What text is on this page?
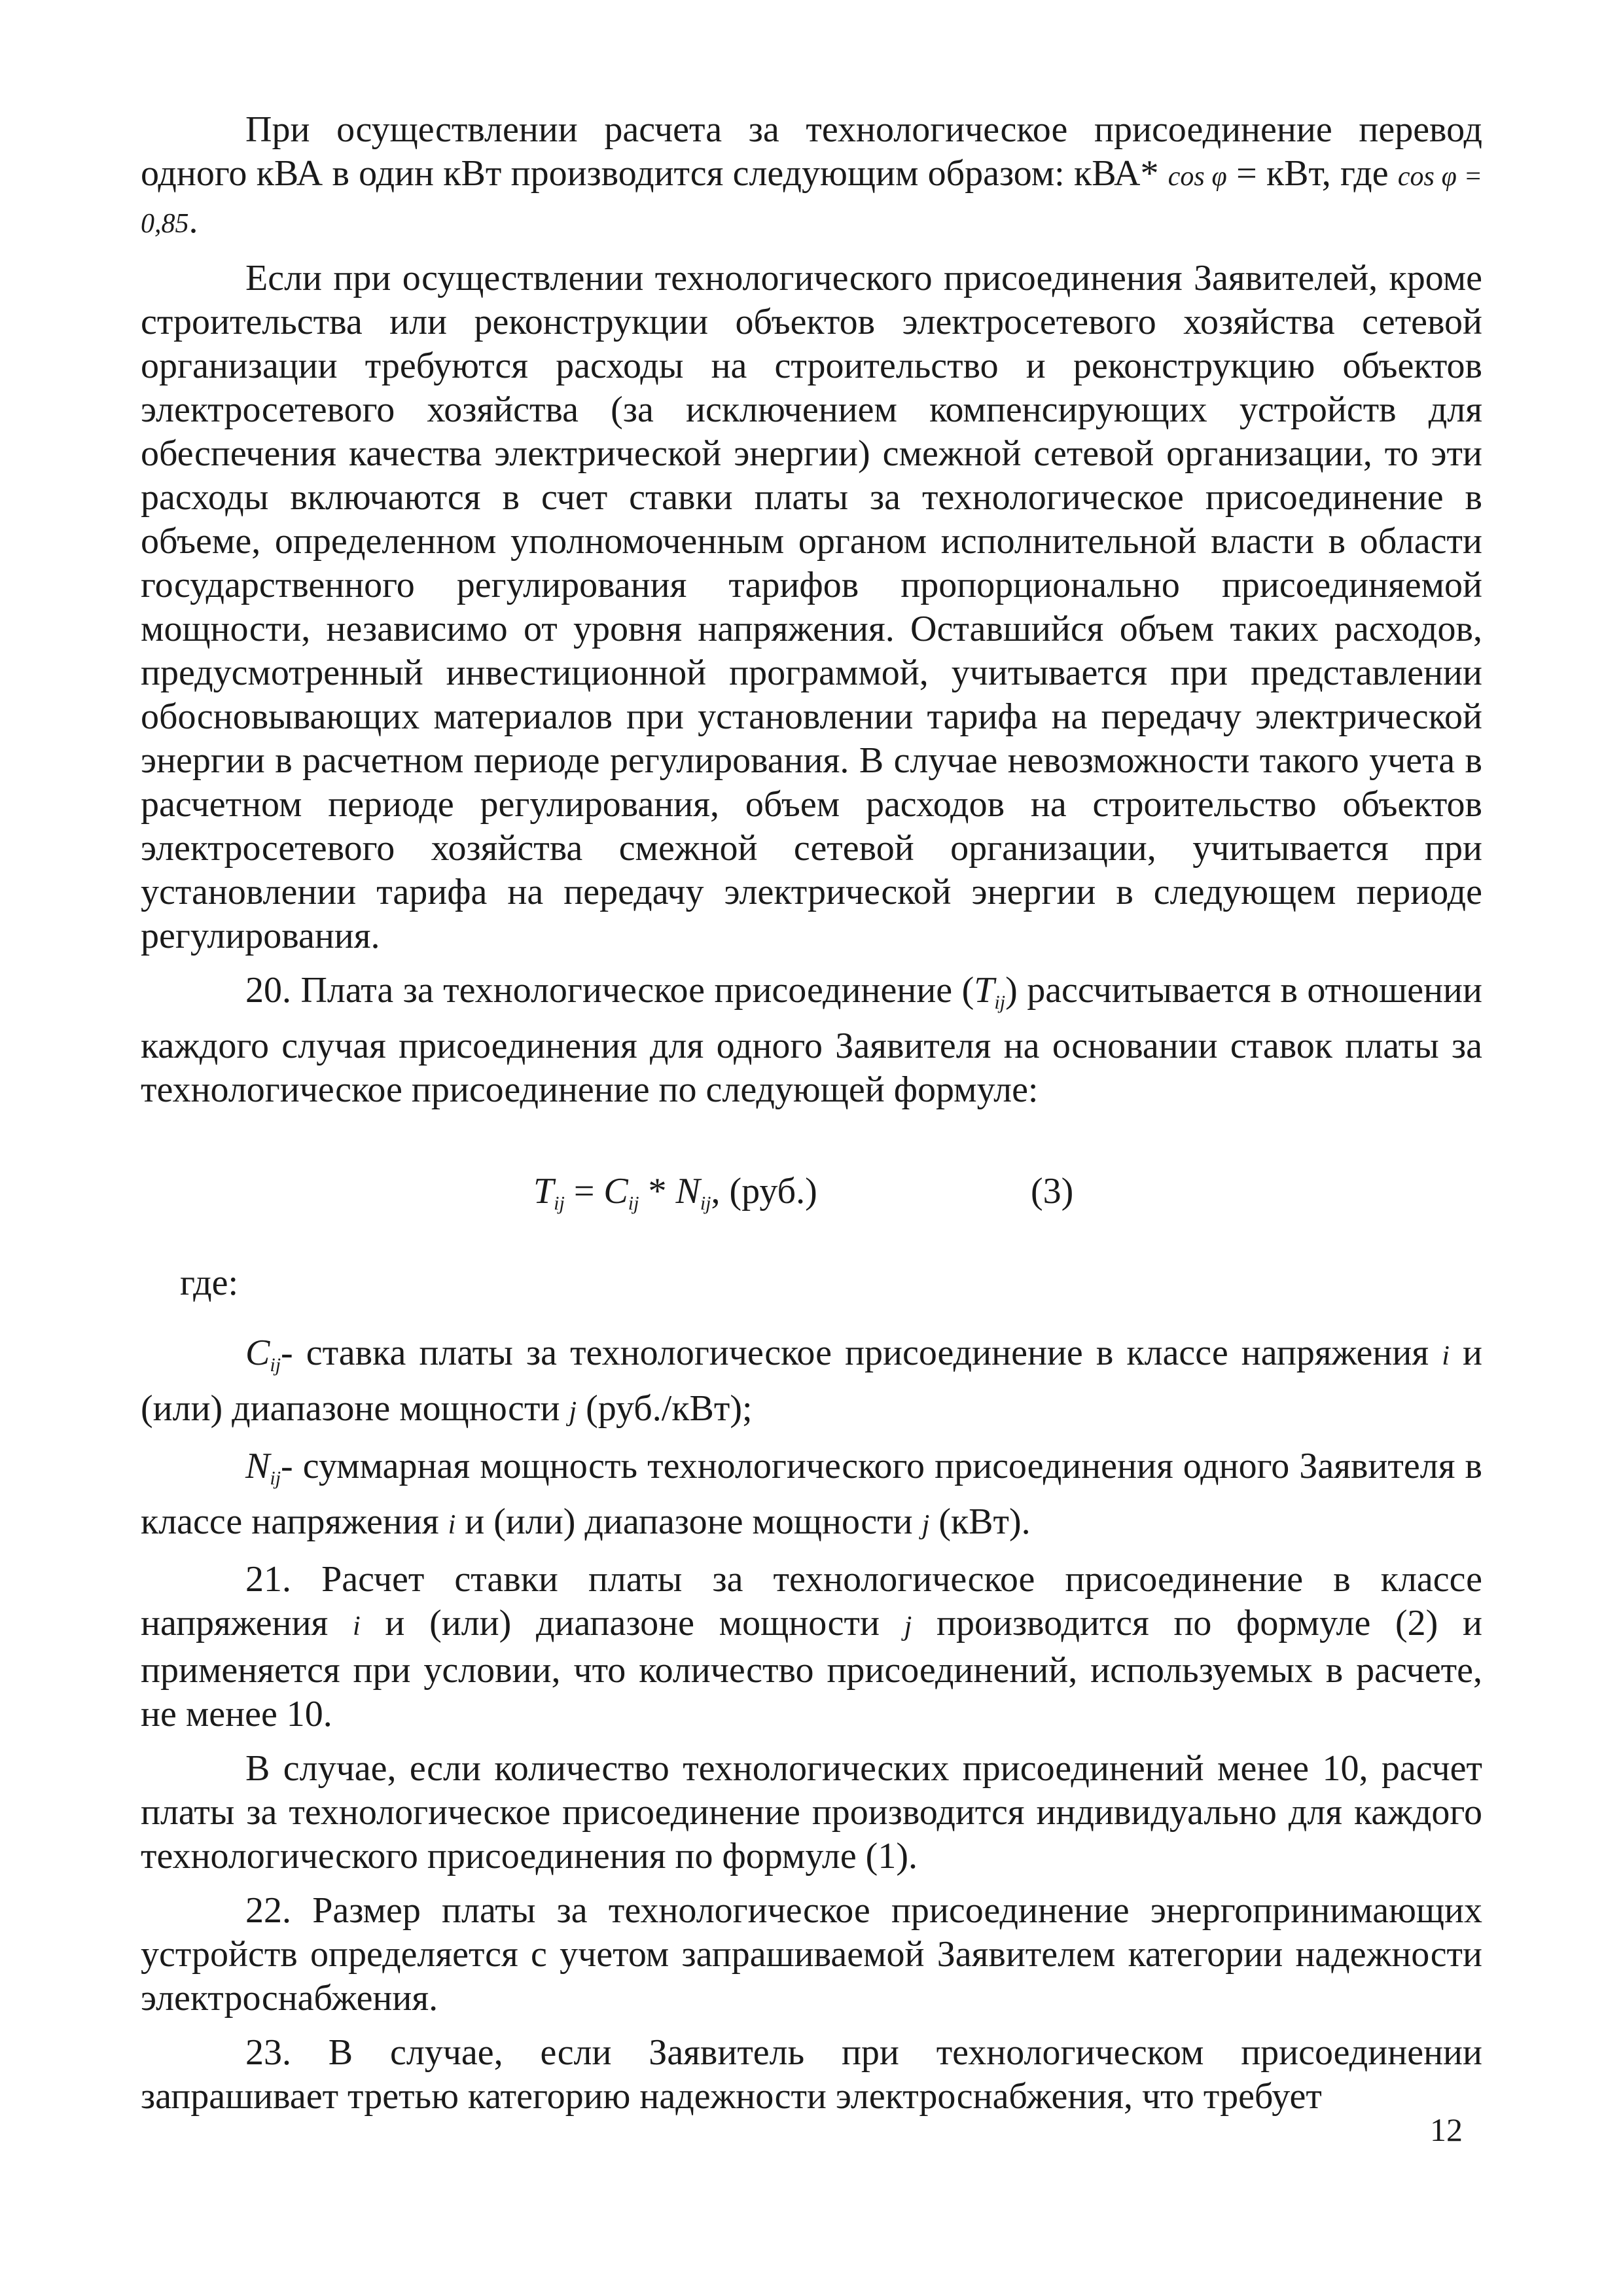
При осуществлении расчета за технологическое присоединение перевод одного кВА в один кВт производится следующим образом: кВА* cos φ = кВт, где cos φ = 0,85.

Если при осуществлении технологического присоединения Заявителей, кроме строительства или реконструкции объектов электросетевого хозяйства сетевой организации требуются расходы на строительство и реконструкцию объектов электросетевого хозяйства (за исключением компенсирующих устройств для обеспечения качества электрической энергии) смежной сетевой организации, то эти расходы включаются в счет ставки платы за технологическое присоединение в объеме, определенном уполномоченным органом исполнительной власти в области государственного регулирования тарифов пропорционально присоединяемой мощности, независимо от уровня напряжения. Оставшийся объем таких расходов, предусмотренный инвестиционной программой, учитывается при представлении обосновывающих материалов при установлении тарифа на передачу электрической энергии в расчетном периоде регулирования. В случае невозможности такого учета в расчетном периоде регулирования, объем расходов на строительство объектов электросетевого хозяйства смежной сетевой организации, учитывается при установлении тарифа на передачу электрической энергии в следующем периоде регулирования.

20. Плата за технологическое присоединение $(T_{ij})$ рассчитывается в отношении каждого случая присоединения для одного Заявителя на основании ставок платы за технологическое присоединение по следующей формуле:

$T_{ij} = C_{ij} * N_{ij}$, (руб.)	(3)

где:

$C_{ij}-$ ставка платы за технологическое присоединение в классе напряжения i и (или) диапазоне мощности j (руб./кВт);

$N_{ij}-$ суммарная мощность технологического присоединения одного Заявителя в классе напряжения i и (или) диапазоне мощности j (кВт).

21. Расчет ставки платы за технологическое присоединение в классе напряжения i и (или) диапазоне мощности j производится по формуле (2) и применяется при условии, что количество присоединений, используемых в расчете, не менее 10.

В случае, если количество технологических присоединений менее 10, расчет платы за технологическое присоединение производится индивидуально для каждого технологического присоединения по формуле (1).

22. Размер платы за технологическое присоединение энергопринимающих устройств определяется с учетом запрашиваемой Заявителем категории надежности электроснабжения.

23. В случае, если Заявитель при технологическом присоединении запрашивает третью категорию надежности электроснабжения, что требует

12
